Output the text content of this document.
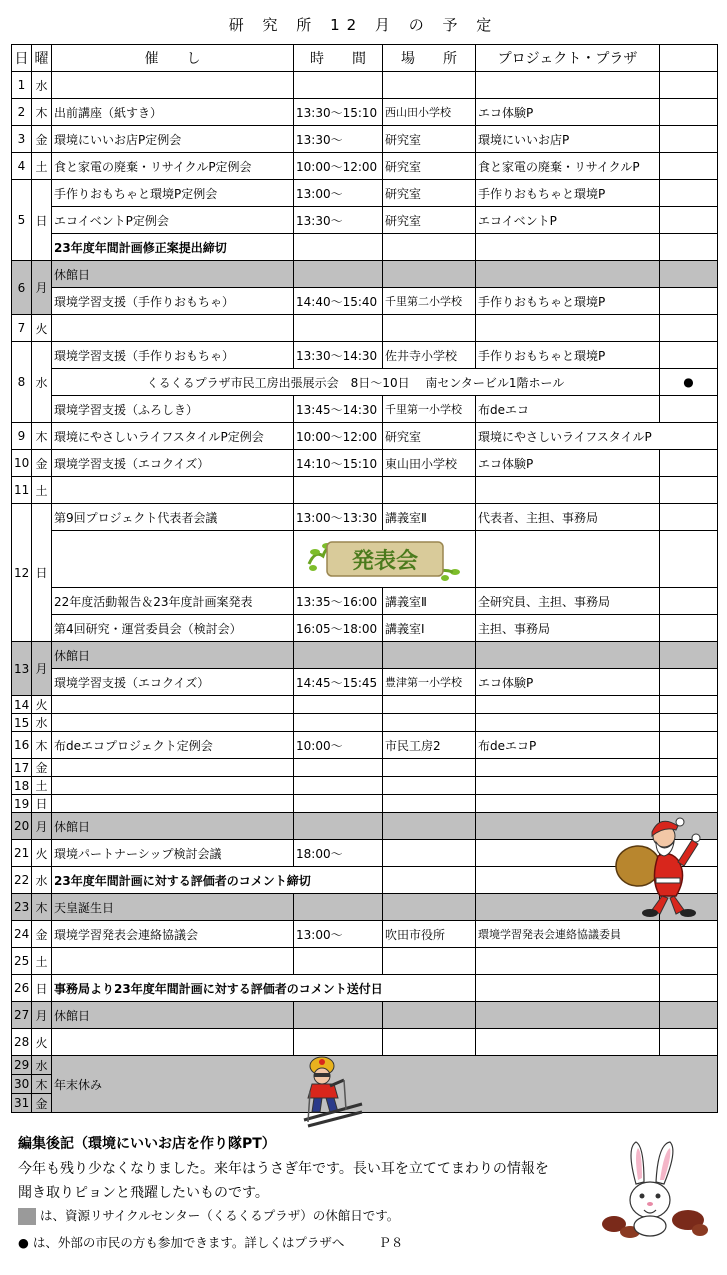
研 究 所 12 月 の 予 定
日	曜	催　　し	時　　間	場　　所	プロジェクト・プラザ	
1	水					
2	木	出前講座（紙すき）	13:30～15:10	西山田小学校	エコ体験P	
3	金	環境にいいお店P定例会	13:30～	研究室	環境にいいお店P	
4	土	食と家電の廃棄・リサイクルP定例会	10:00～12:00	研究室	食と家電の廃棄・リサイクルP	
5	日	手作りおもちゃと環境P定例会	13:00～	研究室	手作りおもちゃと環境P	
		エコイベントP定例会	13:30～	研究室	エコイベントP	
		23年度年間計画修正案提出締切				
6	月	休館日				
		環境学習支援（手作りおもちゃ）	14:40～15:40	千里第二小学校	手作りおもちゃと環境P	
7	火					
8	水	環境学習支援（手作りおもちゃ）	13:30～14:30	佐井寺小学校	手作りおもちゃと環境P	
		くるくるプラザ市民工房出張展示会　8日～10日　 南センタービル1階ホール				●
		環境学習支援（ふろしき）	13:45～14:30	千里第一小学校	布deエコ	
9	木	環境にやさしいライフスタイルP定例会	10:00～12:00	研究室	環境にやさしいライフスタイルP	
10	金	環境学習支援（エコクイズ）	14:10～15:10	東山田小学校	エコ体験P	
11	土					
12	日	第9回プロジェクト代表者会議	13:00～13:30	講義室Ⅱ	代表者、主担、事務局	

発表会			

		22年度活動報告＆23年度計画案発表	13:35～16:00	講義室Ⅱ	全研究員、主担、事務局	
		第4回研究・運営委員会（検討会）	16:05～18:00	講義室Ⅰ	主担、事務局	
13	月	休館日				
		環境学習支援（エコクイズ）	14:45～15:45	豊津第一小学校	エコ体験P	
14	火					
15	水					
16	木	布deエコプロジェクト定例会	10:00～	市民工房2	布deエコP	
17	金					
18	土					
19	日					
20	月	休館日				
21	火	環境パートナーシップ検討会議	18:00～			
22	水	23年度年間計画に対する評価者のコメント締切				
23	木	天皇誕生日				
24	金	環境学習発表会連絡協議会	13:00～	吹田市役所	環境学習発表会連絡協議委員	
25	土					
26	日	事務局より23年度年間計画に対する評価者のコメント送付日				
27	月	休館日				
28	火					
29	水	年末休み				
30	木					
31	金					
編集後記（環境にいいお店を作り隊PT）
今年も残り少なくなりました。来年はうさぎ年です。長い耳を立ててまわりの情報を
聞き取りピョンと飛躍したいものです。
は、資源リサイクルセンター（くるくるプラザ）の休館日です。
● は、外部の市民の方も参加できます。詳しくはプラザへ	Ｐ８
